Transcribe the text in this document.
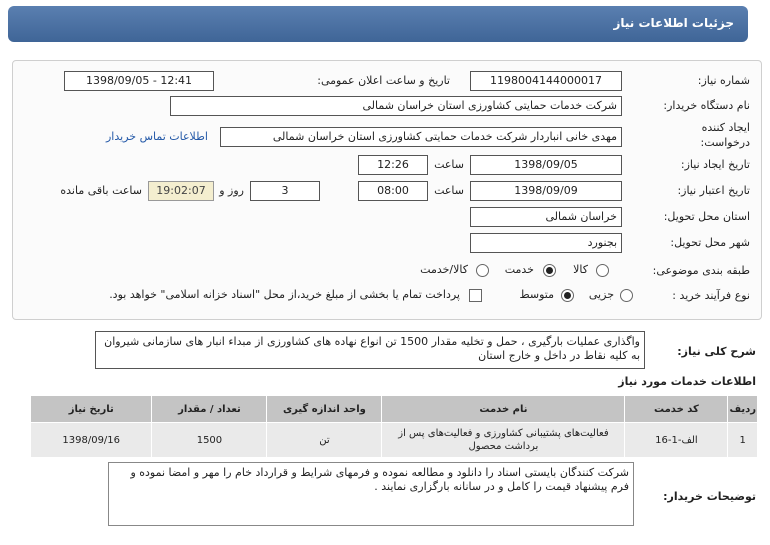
جزئیات اطلاعات نیاز
شماره نیاز:
1198004144000017
تاریخ و ساعت اعلان عمومی:
1398/09/05 - 12:41
نام دستگاه خریدار:
شرکت خدمات حمایتی کشاورزی استان خراسان شمالی
ایجاد کننده
درخواست:
مهدی خانی انباردار شرکت خدمات حمایتی کشاورزی استان خراسان شمالی
اطلاعات تماس خریدار
تاریخ ایجاد نیاز:
1398/09/05
ساعت
12:26
تاریخ اعتبار نیاز:
1398/09/09
ساعت
08:00
3
روز و
19:02:07
ساعت باقی مانده
استان محل تحویل:
خراسان شمالی
شهر محل تحویل:
بجنورد
طبقه بندی موضوعی:
کالا
خدمت
کالا/خدمت
نوع فرآیند خرید :
جزیی
متوسط
پرداخت تمام یا بخشی از مبلغ خرید،از محل "اسناد خزانه اسلامی" خواهد بود.
شرح کلی نیاز:
واگذاری عملیات بارگیری ، حمل و تخلیه مقدار 1500 تن انواع نهاده های کشاورزی از مبداء انبار های سازمانی شیروان به کلیه نقاط در داخل و خارج استان
اطلاعات خدمات مورد نیاز
ردیف	کد خدمت	نام خدمت	واحد اندازه گیری	تعداد / مقدار	تاریخ نیاز
1	الف-1-16	فعالیت‌های پشتیبانی کشاورزی و فعالیت‌های پس از برداشت محصول	تن	1500	1398/09/16
توضیحات خریدار:
شرکت کنندگان بایستی اسناد را دانلود و مطالعه نموده و فرمهای شرایط و قرارداد خام را مهر و امضا نموده و فرم پیشنهاد قیمت را کامل و در سانانه بارگزاری نمایند .
